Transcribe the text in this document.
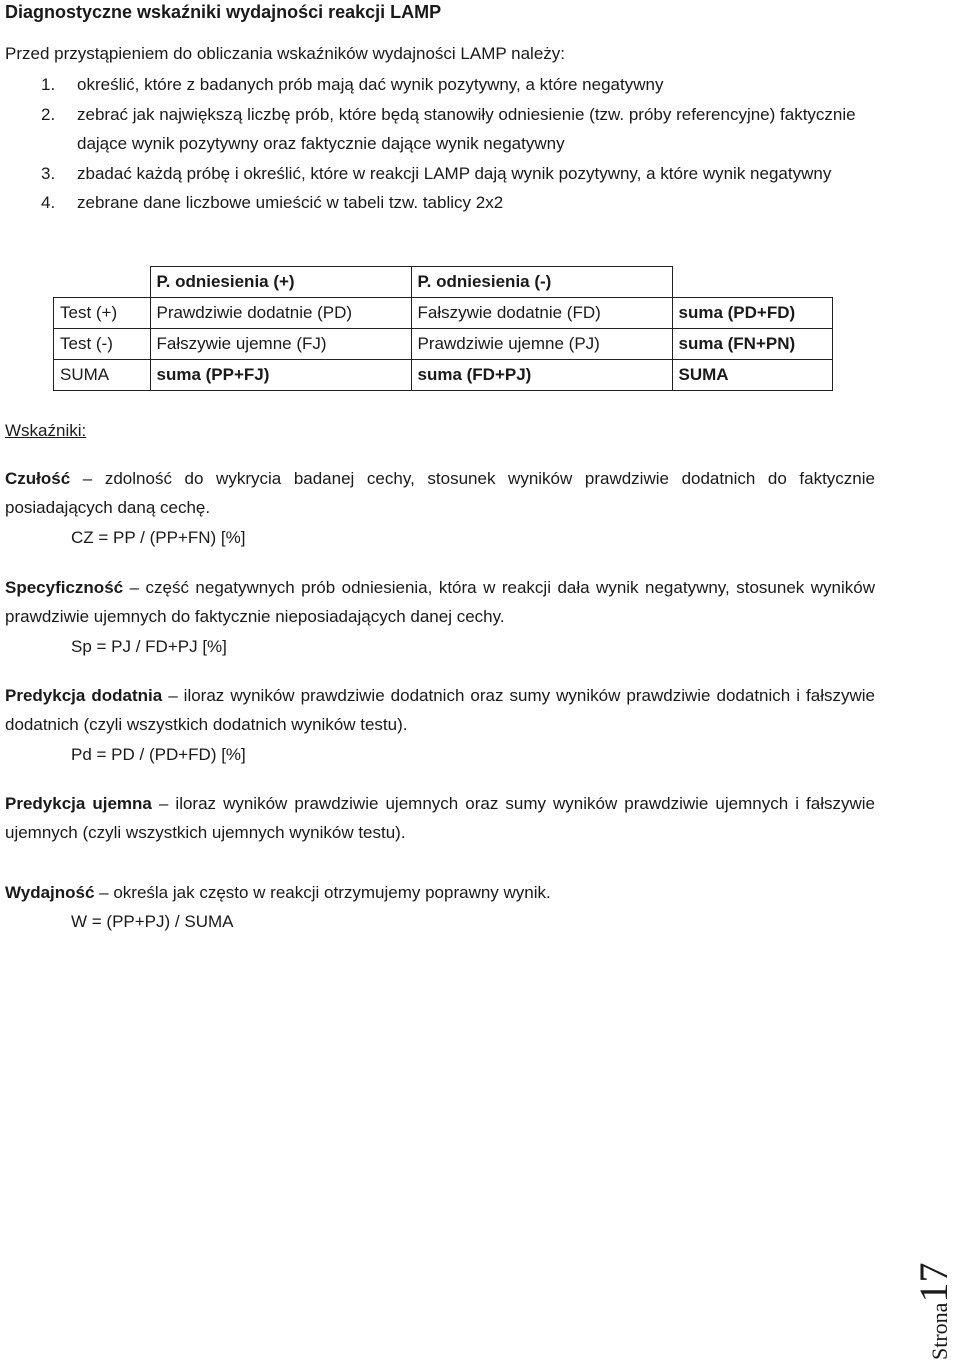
Diagnostyczne wskaźniki wydajności reakcji LAMP
Przed przystąpieniem do obliczania wskaźników wydajności LAMP należy:
1. określić, które z badanych prób mają dać wynik pozytywny, a które negatywny
2. zebrać jak największą liczbę prób, które będą stanowiły odniesienie (tzw. próby referencyjne) faktycznie dające wynik pozytywny oraz faktycznie dające wynik negatywny
3. zbadać każdą próbę i określić, które w reakcji LAMP dają wynik pozytywny, a które wynik negatywny
4. zebrane dane liczbowe umieścić w tabeli tzw. tablicy 2x2
	P. odniesienia (+)	P. odniesienia (-)	
Test (+)	Prawdziwie dodatnie (PD)	Fałszywie dodatnie (FD)	suma (PD+FD)
Test (-)	Fałszywie ujemne (FJ)	Prawdziwie ujemne (PJ)	suma (FN+PN)
SUMA	suma (PP+FJ)	suma (FD+PJ)	SUMA
Wskaźniki:
Czułość – zdolność do wykrycia badanej cechy, stosunek wyników prawdziwie dodatnich do faktycznie posiadających daną cechę.
CZ = PP / (PP+FN) [%]
Specyficzność – część negatywnych prób odniesienia, która w reakcji dała wynik negatywny, stosunek wyników prawdziwie ujemnych do faktycznie nieposiadających danej cechy.
Sp = PJ / FD+PJ [%]
Predykcja dodatnia – iloraz wyników prawdziwie dodatnich oraz sumy wyników prawdziwie dodatnich i fałszywie dodatnich (czyli wszystkich dodatnich wyników testu).
Pd = PD / (PD+FD) [%]
Predykcja ujemna – iloraz wyników prawdziwie ujemnych oraz sumy wyników prawdziwie ujemnych i fałszywie ujemnych (czyli wszystkich ujemnych wyników testu).
Wydajność – określa jak często w reakcji otrzymujemy poprawny wynik.
W = (PP+PJ) / SUMA
Strona17
